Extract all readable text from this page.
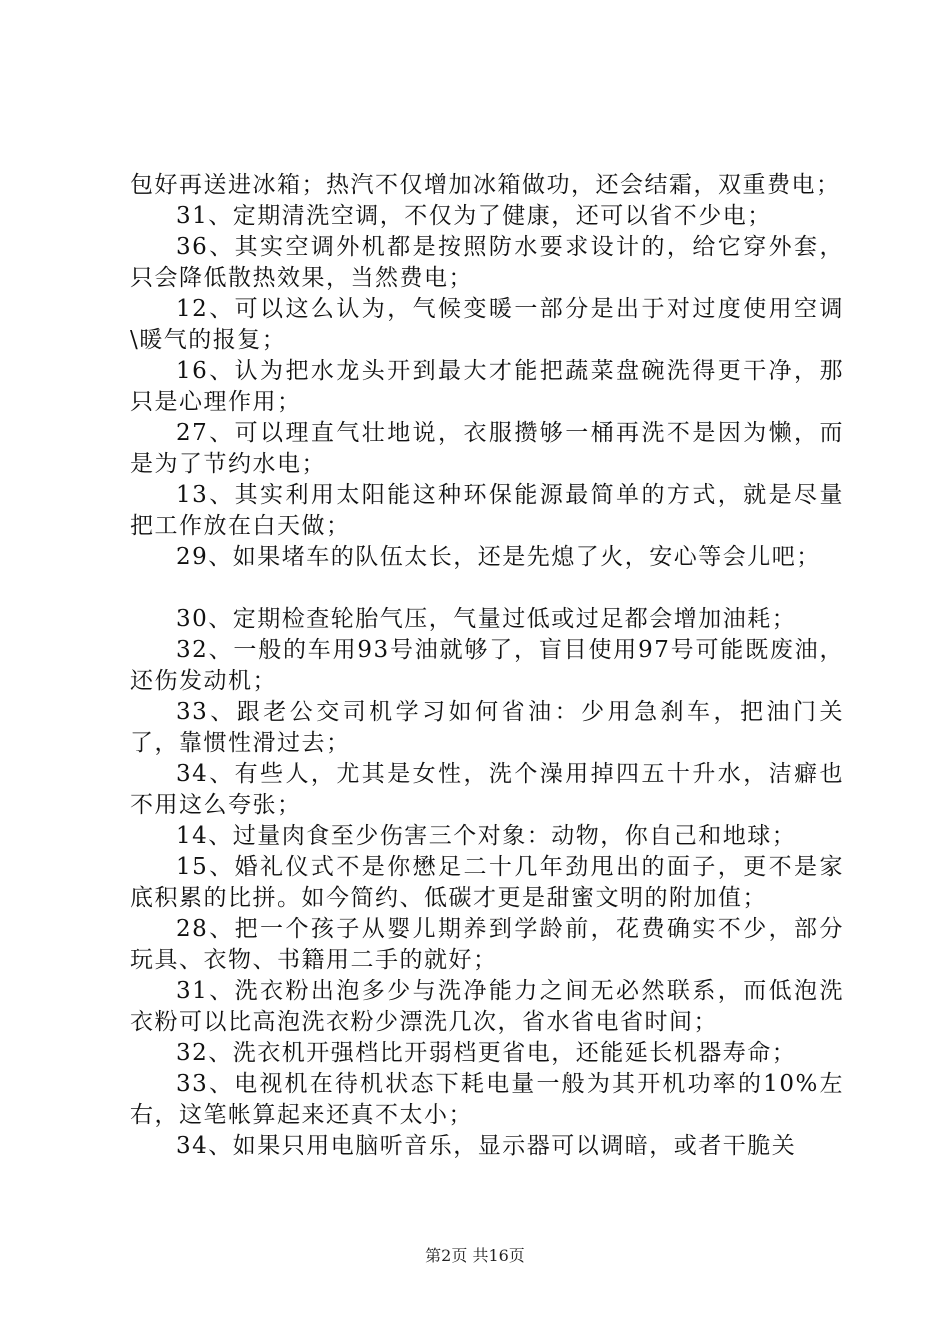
包好再送进冰箱；热汽不仅增加冰箱做功，还会结霜，双重费电；

31、定期清洗空调，不仅为了健康，还可以省不少电；

36、其实空调外机都是按照防水要求设计的，给它穿外套，只会降低散热效果，当然费电；

12、可以这么认为，气候变暖一部分是出于对过度使用空调\暖气的报复；

16、认为把水龙头开到最大才能把蔬菜盘碗洗得更干净，那只是心理作用；

27、可以理直气壮地说，衣服攒够一桶再洗不是因为懒，而是为了节约水电；

13、其实利用太阳能这种环保能源最简单的方式，就是尽量把工作放在白天做；

29、如果堵车的队伍太长，还是先熄了火，安心等会儿吧；

30、定期检查轮胎气压，气量过低或过足都会增加油耗；

32、一般的车用93号油就够了，盲目使用97号可能既废油，还伤发动机；

33、跟老公交司机学习如何省油：少用急刹车，把油门关了，靠惯性滑过去；

34、有些人，尤其是女性，洗个澡用掉四五十升水，洁癖也不用这么夸张；

14、过量肉食至少伤害三个对象：动物，你自己和地球；

15、婚礼仪式不是你懋足二十几年劲甩出的面子，更不是家底积累的比拼。如今简约、低碳才更是甜蜜文明的附加值；

28、把一个孩子从婴儿期养到学龄前，花费确实不少，部分玩具、衣物、书籍用二手的就好；

31、洗衣粉出泡多少与洗净能力之间无必然联系，而低泡洗衣粉可以比高泡洗衣粉少漂洗几次，省水省电省时间；

32、洗衣机开强档比开弱档更省电，还能延长机器寿命；

33、电视机在待机状态下耗电量一般为其开机功率的10%左右，这笔帐算起来还真不太小；

34、如果只用电脑听音乐，显示器可以调暗，或者干脆关

第2页 共16页
